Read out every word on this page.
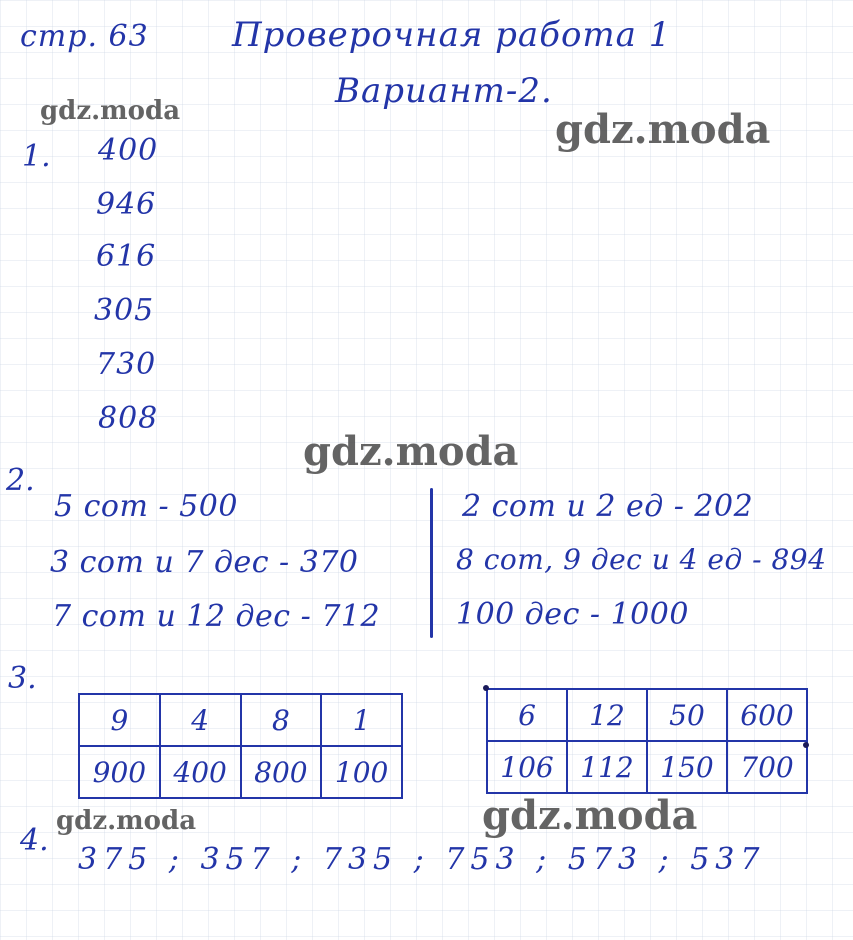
стр. 63 Проверочная работа 1
Вариант-2.
gdz.moda	gdz.moda
gdz.moda
gdz.moda
gdz.moda
1. 400
946
616
305
730
808
2.
5 сот - 500
3 сот и 7 дес - 370
7 сот и 12 дес - 712
2 сот и 2 ед - 202
8 сот, 9 дес и 4 ед - 894
100 дес - 1000
3.
9	4	8	1
900	400	800	100
6	12	50	600
106	112	150	700
4.
375 ; 357 ; 735 ; 753 ; 573 ; 537
